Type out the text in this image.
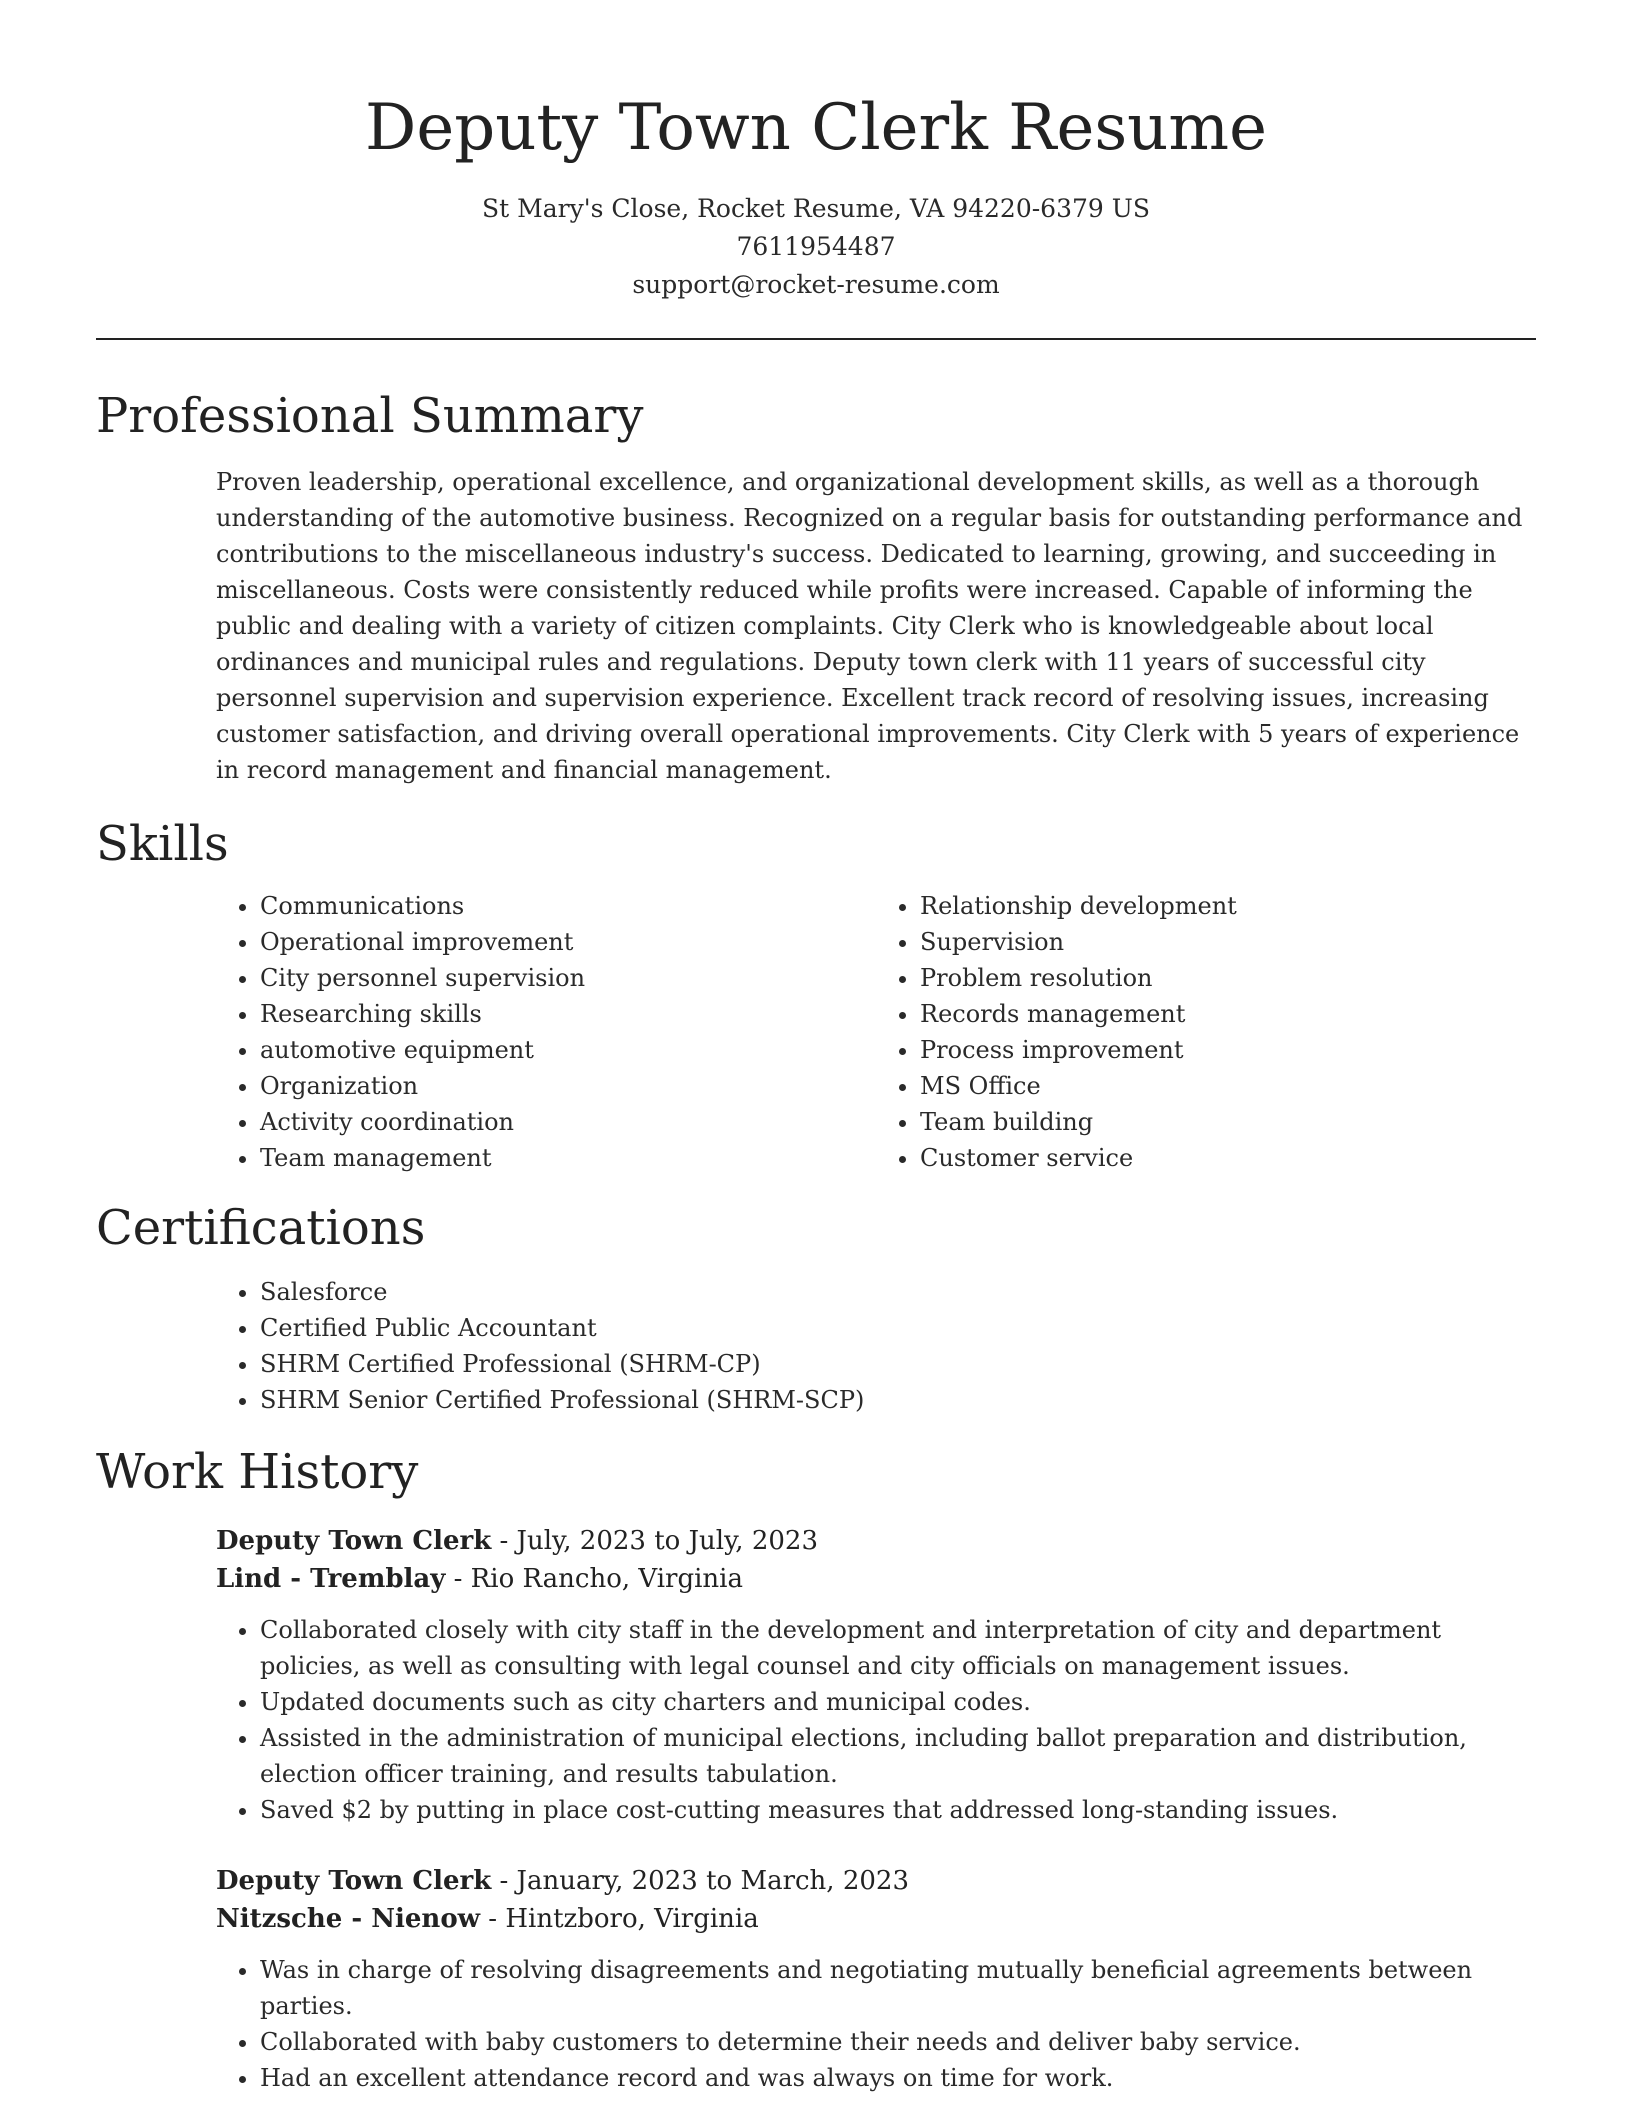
Deputy Town Clerk Resume
St Mary's Close, Rocket Resume, VA 94220-6379 US
7611954487
support@rocket-resume.com
Professional Summary

Proven leadership, operational excellence, and organizational development skills, as well as a thorough understanding of the automotive business. Recognized on a regular basis for outstanding performance and contributions to the miscellaneous industry's success. Dedicated to learning, growing, and succeeding in miscellaneous. Costs were consistently reduced while profits were increased. Capable of informing the public and dealing with a variety of citizen complaints. City Clerk who is knowledgeable about local ordinances and municipal rules and regulations. Deputy town clerk with 11 years of successful city personnel supervision and supervision experience. Excellent track record of resolving issues, increasing customer satisfaction, and driving overall operational improvements. City Clerk with 5 years of experience in record management and financial management.

Skills
• Communications
• Operational improvement
• City personnel supervision
• Researching skills
• automotive equipment
• Organization
• Activity coordination
• Team management
• Relationship development
• Supervision
• Problem resolution
• Records management
• Process improvement
• MS Office
• Team building
• Customer service
Certifications
• Salesforce
• Certified Public Accountant
• SHRM Certified Professional (SHRM-CP)
• SHRM Senior Certified Professional (SHRM-SCP)
Work History
Deputy Town Clerk - July, 2023 to July, 2023
Lind - Tremblay - Rio Rancho, Virginia
• Collaborated closely with city staff in the development and interpretation of city and department policies, as well as consulting with legal counsel and city officials on management issues.
• Updated documents such as city charters and municipal codes.
• Assisted in the administration of municipal elections, including ballot preparation and distribution, election officer training, and results tabulation.
• Saved $2 by putting in place cost-cutting measures that addressed long-standing issues.
Deputy Town Clerk - January, 2023 to March, 2023
Nitzsche - Nienow - Hintzboro, Virginia
• Was in charge of resolving disagreements and negotiating mutually beneficial agreements between parties.
• Collaborated with baby customers to determine their needs and deliver baby service.
• Had an excellent attendance record and was always on time for work.
